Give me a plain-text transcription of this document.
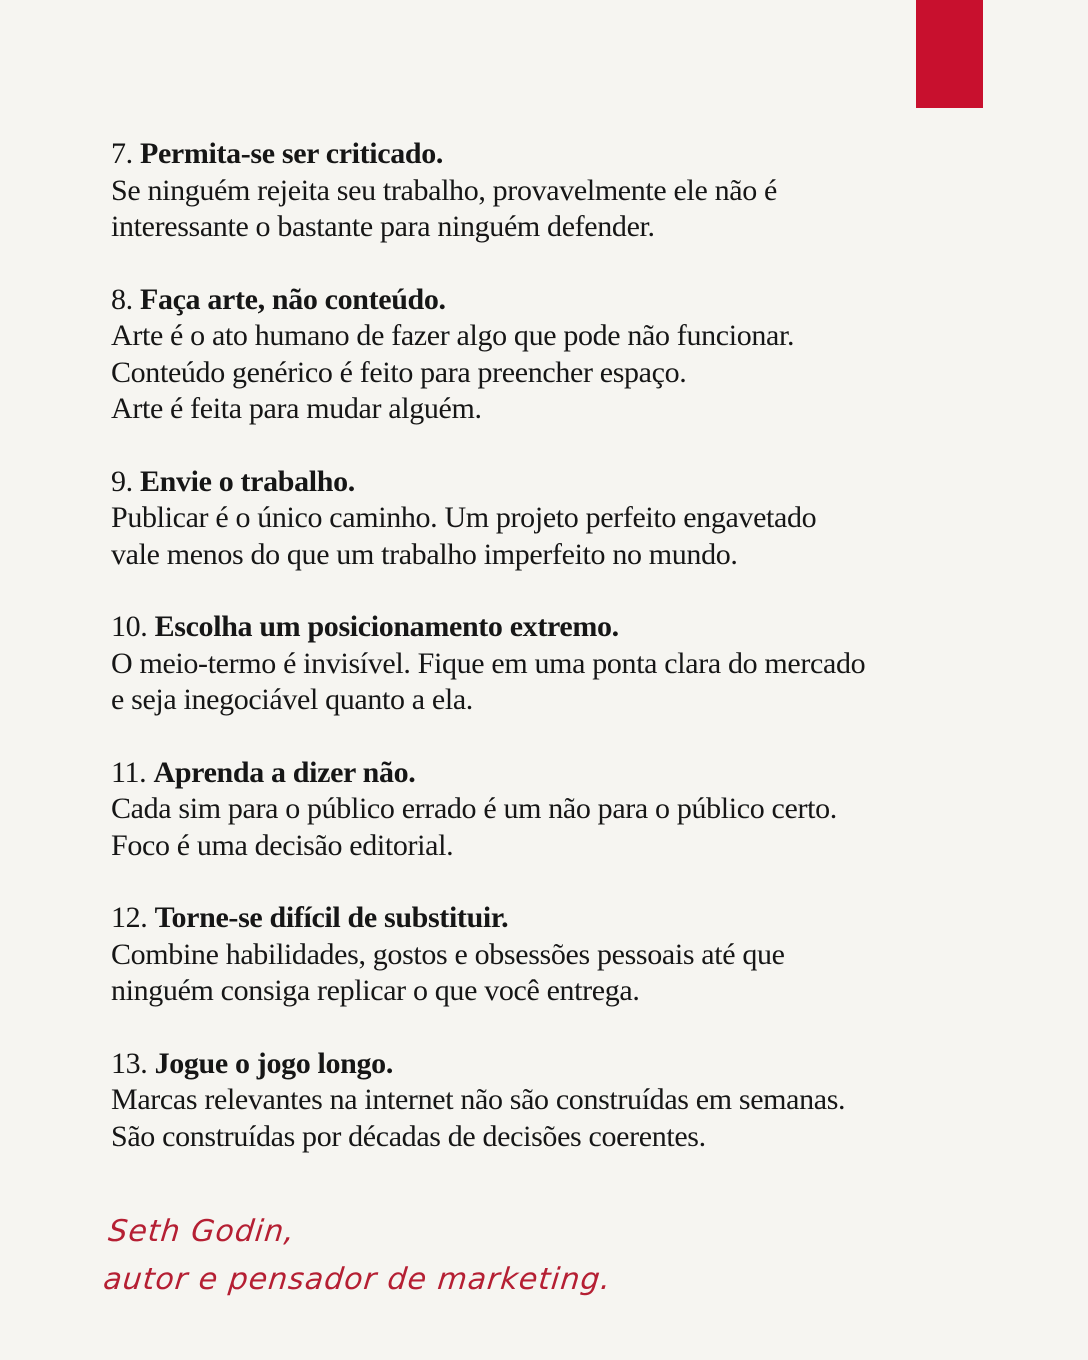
7. Permita-se ser criticado.
Se ninguém rejeita seu trabalho, provavelmente ele não é
interessante o bastante para ninguém defender.
8. Faça arte, não conteúdo.
Arte é o ato humano de fazer algo que pode não funcionar.
Conteúdo genérico é feito para preencher espaço.
Arte é feita para mudar alguém.
9. Envie o trabalho.
Publicar é o único caminho. Um projeto perfeito engavetado
vale menos do que um trabalho imperfeito no mundo.
10. Escolha um posicionamento extremo.
O meio-termo é invisível. Fique em uma ponta clara do mercado
e seja inegociável quanto a ela.
11. Aprenda a dizer não.
Cada sim para o público errado é um não para o público certo.
Foco é uma decisão editorial.
12. Torne-se difícil de substituir.
Combine habilidades, gostos e obsessões pessoais até que
ninguém consiga replicar o que você entrega.
13. Jogue o jogo longo.
Marcas relevantes na internet não são construídas em semanas.
São construídas por décadas de decisões coerentes.
Seth Godin,
autor e pensador de marketing.
